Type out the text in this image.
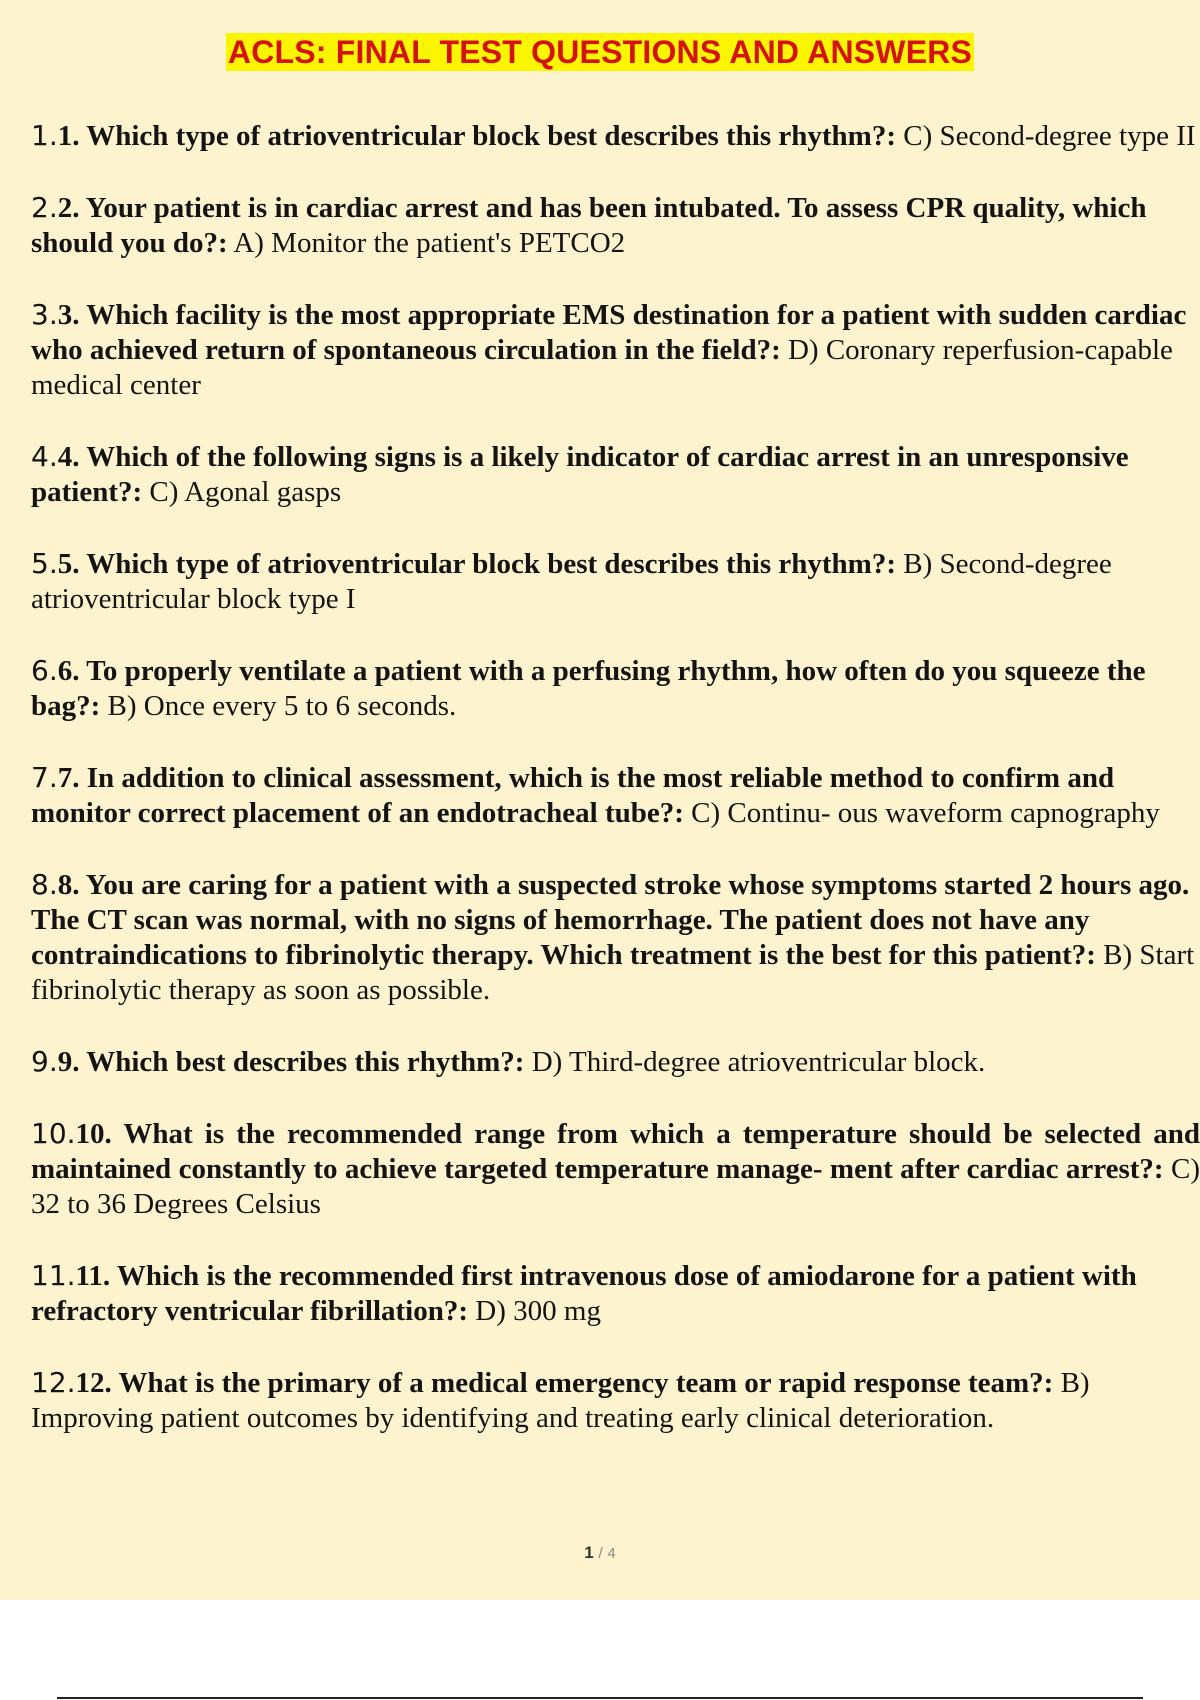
ACLS: FINAL TEST QUESTIONS AND ANSWERS

1.1. Which type of atrioventricular block best describes this rhythm?: C) Second-degree type II

2.2. Your patient is in cardiac arrest and has been intubated. To assess CPR quality, which should you do?: A) Monitor the patient's PETCO2

3.3. Which facility is the most appropriate EMS destination for a patient with sudden cardiac who achieved return of spontaneous circulation in the field?: D) Coronary reperfusion-capable medical center

4.4. Which of the following signs is a likely indicator of cardiac arrest in an unresponsive patient?: C) Agonal gasps

5.5. Which type of atrioventricular block best describes this rhythm?: B) Second-degree atrioventricular block type I

6.6. To properly ventilate a patient with a perfusing rhythm, how often do you squeeze the bag?: B) Once every 5 to 6 seconds.

7.7. In addition to clinical assessment, which is the most reliable method to confirm and monitor correct placement of an endotracheal tube?: C) Continu- ous waveform capnography

8.8. You are caring for a patient with a suspected stroke whose symptoms started 2 hours ago. The CT scan was normal, with no signs of hemorrhage. The patient does not have any contraindications to fibrinolytic therapy. Which treatment is the best for this patient?: B) Start fibrinolytic therapy as soon as possible.

9.9. Which best describes this rhythm?: D) Third-degree atrioventricular block.

10.10. What is the recommended range from which a temperature should be selected and maintained constantly to achieve targeted temperature manage- ment after cardiac arrest?: C) 32 to 36 Degrees Celsius

11.11. Which is the recommended first intravenous dose of amiodarone for a patient with refractory ventricular fibrillation?: D) 300 mg

12.12. What is the primary of a medical emergency team or rapid response team?: B) Improving patient outcomes by identifying and treating early clinical deterioration.

1 / 4
